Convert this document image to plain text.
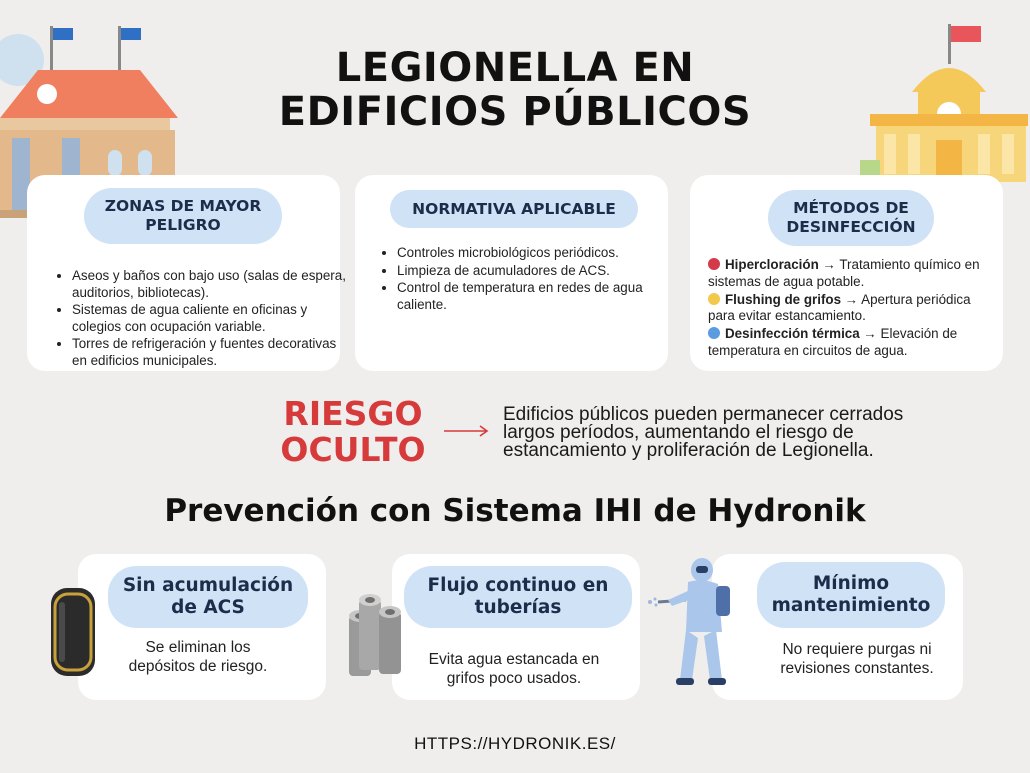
LEGIONELLA EN
EDIFICIOS PÚBLICOS
ZONAS DE MAYOR PELIGRO
• Aseos y baños con bajo uso (salas de espera, auditorios, bibliotecas).
• Sistemas de agua caliente en oficinas y colegios con ocupación variable.
• Torres de refrigeración y fuentes decorativas en edificios municipales.
NORMATIVA APLICABLE
• Controles microbiológicos periódicos.
• Limpieza de acumuladores de ACS.
• Control de temperatura en redes de agua caliente.
MÉTODOS DE DESINFECCIÓN
Hipercloración → Tratamiento químico en sistemas de agua potable.
Flushing de grifos → Apertura periódica para evitar estancamiento.
Desinfección térmica → Elevación de temperatura en circuitos de agua.
RIESGO
OCULTO
Edificios públicos pueden permanecer cerrados largos períodos, aumentando el riesgo de estancamiento y proliferación de Legionella.
Prevención con Sistema IHI de Hydronik
Sin acumulación de ACS
Se eliminan los depósitos de riesgo.
Flujo continuo en tuberías
Evita agua estancada en grifos poco usados.
Mínimo mantenimiento
No requiere purgas ni revisiones constantes.
HTTPS://HYDRONIK.ES/
